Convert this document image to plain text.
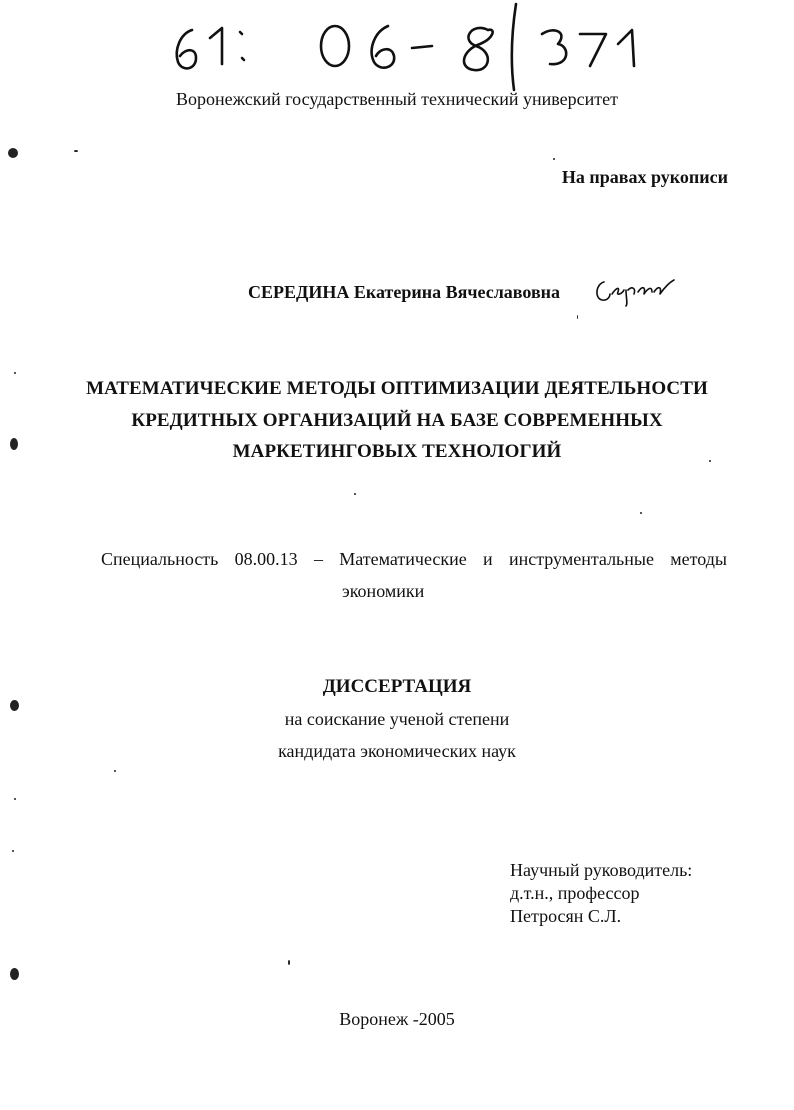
Воронежский государственный технический университет
На правах рукописи
СЕРЕДИНА Екатерина Вячеславовна
МАТЕМАТИЧЕСКИЕ МЕТОДЫ ОПТИМИЗАЦИИ ДЕЯТЕЛЬНОСТИ
КРЕДИТНЫХ ОРГАНИЗАЦИЙ НА БАЗЕ СОВРЕМЕННЫХ
МАРКЕТИНГОВЫХ ТЕХНОЛОГИЙ
Специальность 08.00.13 – Математические и инструментальные методы
экономики
ДИССЕРТАЦИЯ
на соискание ученой степени
кандидата экономических наук
Научный руководитель:
д.т.н., профессор
Петросян С.Л.
Воронеж -2005
